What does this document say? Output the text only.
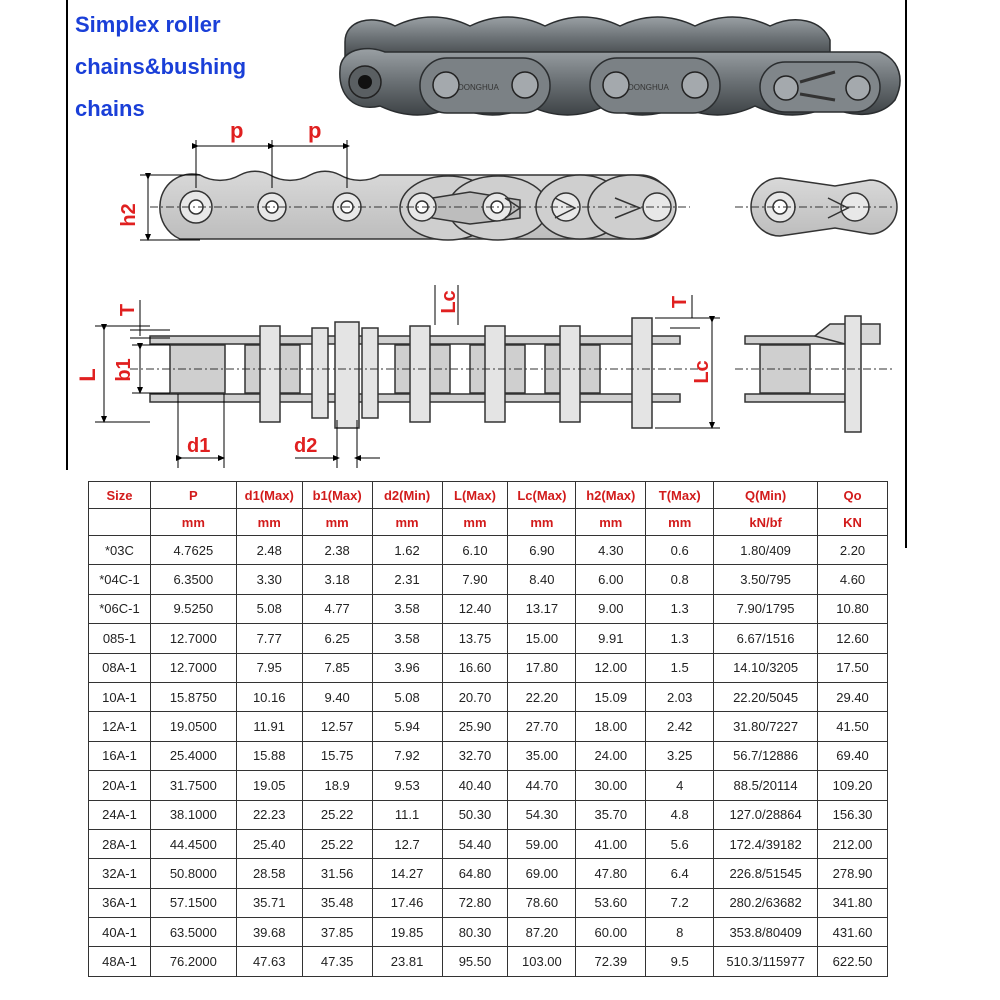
Simplex roller
chains&bushing
chains
DONGHUA	DONGHUA
p	p
h2
T
b1
L
Lc	T
Lc
d1	d2
Size	P	d1(Max)	b1(Max)	d2(Min)	L(Max)	Lc(Max)	h2(Max)	T(Max)	Q(Min)	Qo
	mm	mm	mm	mm	mm	mm	mm	mm	kN/bf	KN
*03C	4.7625	2.48	2.38	1.62	6.10	6.90	4.30	0.6	1.80/409	2.20
*04C-1	6.3500	3.30	3.18	2.31	7.90	8.40	6.00	0.8	3.50/795	4.60
*06C-1	9.5250	5.08	4.77	3.58	12.40	13.17	9.00	1.3	7.90/1795	10.80
085-1	12.7000	7.77	6.25	3.58	13.75	15.00	9.91	1.3	6.67/1516	12.60
08A-1	12.7000	7.95	7.85	3.96	16.60	17.80	12.00	1.5	14.10/3205	17.50
10A-1	15.8750	10.16	9.40	5.08	20.70	22.20	15.09	2.03	22.20/5045	29.40
12A-1	19.0500	11.91	12.57	5.94	25.90	27.70	18.00	2.42	31.80/7227	41.50
16A-1	25.4000	15.88	15.75	7.92	32.70	35.00	24.00	3.25	56.7/12886	69.40
20A-1	31.7500	19.05	18.9	9.53	40.40	44.70	30.00	4	88.5/20114	109.20
24A-1	38.1000	22.23	25.22	11.1	50.30	54.30	35.70	4.8	127.0/28864	156.30
28A-1	44.4500	25.40	25.22	12.7	54.40	59.00	41.00	5.6	172.4/39182	212.00
32A-1	50.8000	28.58	31.56	14.27	64.80	69.00	47.80	6.4	226.8/51545	278.90
36A-1	57.1500	35.71	35.48	17.46	72.80	78.60	53.60	7.2	280.2/63682	341.80
40A-1	63.5000	39.68	37.85	19.85	80.30	87.20	60.00	8	353.8/80409	431.60
48A-1	76.2000	47.63	47.35	23.81	95.50	103.00	72.39	9.5	510.3/115977	622.50
